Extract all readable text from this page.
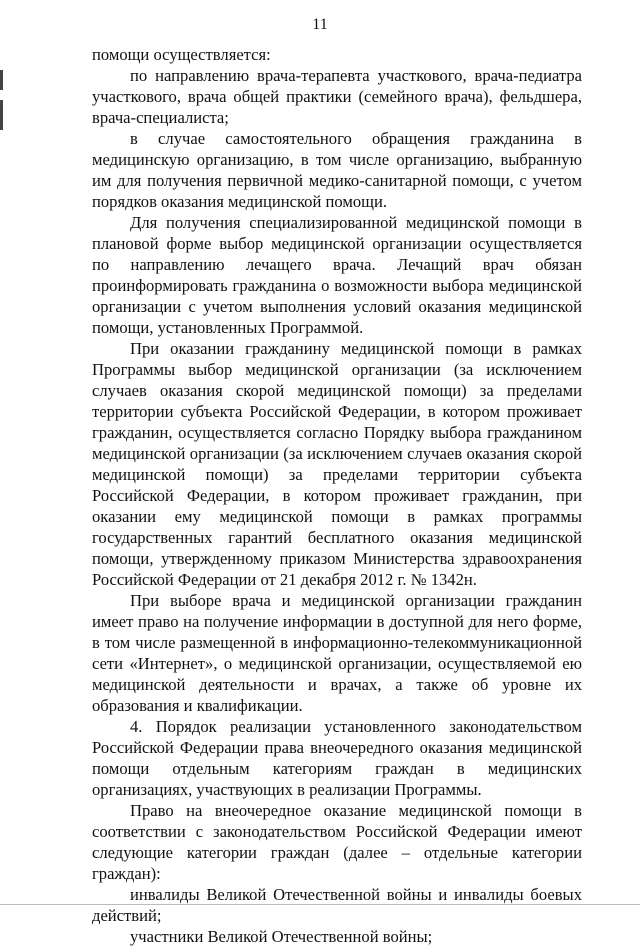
11

помощи осуществляется:

по направлению врача-терапевта участкового, врача-педиатра участкового, врача общей практики (семейного врача), фельдшера, врача-специалиста;

в случае самостоятельного обращения гражданина в медицинскую организацию, в том числе организацию, выбранную им для получения первичной медико-санитарной помощи, с учетом порядков оказания медицинской помощи.

Для получения специализированной медицинской помощи в плановой форме выбор медицинской организации осуществляется по направлению лечащего врача. Лечащий врач обязан проинформировать гражданина о возможности выбора медицинской организации с учетом выполнения условий оказания медицинской помощи, установленных Программой.

При оказании гражданину медицинской помощи в рамках Программы выбор медицинской организации (за исключением случаев оказания скорой медицинской помощи) за пределами территории субъекта Российской Федерации, в котором проживает гражданин, осуществляется согласно Порядку выбора гражданином медицинской организации (за исключением случаев оказания скорой медицинской помощи) за пределами территории субъекта Российской Федерации, в котором проживает гражданин, при оказании ему медицинской помощи в рамках программы государственных гарантий бесплатного оказания медицинской помощи, утвержденному приказом Министерства здравоохранения Российской Федерации от 21 декабря 2012 г. № 1342н.

При выборе врача и медицинской организации гражданин имеет право на получение информации в доступной для него форме, в том числе размещенной в информационно-телекоммуникационной сети «Интернет», о медицинской организации, осуществляемой ею медицинской деятельности и врачах, а также об уровне их образования и квалификации.

4. Порядок реализации установленного законодательством Российской Федерации права внеочередного оказания медицинской помощи отдельным категориям граждан в медицинских организациях, участвующих в реализации Программы.

Право на внеочередное оказание медицинской помощи в соответствии с законодательством Российской Федерации имеют следующие категории граждан (далее – отдельные категории граждан):

инвалиды Великой Отечественной войны и инвалиды боевых действий;

участники Великой Отечественной войны;
